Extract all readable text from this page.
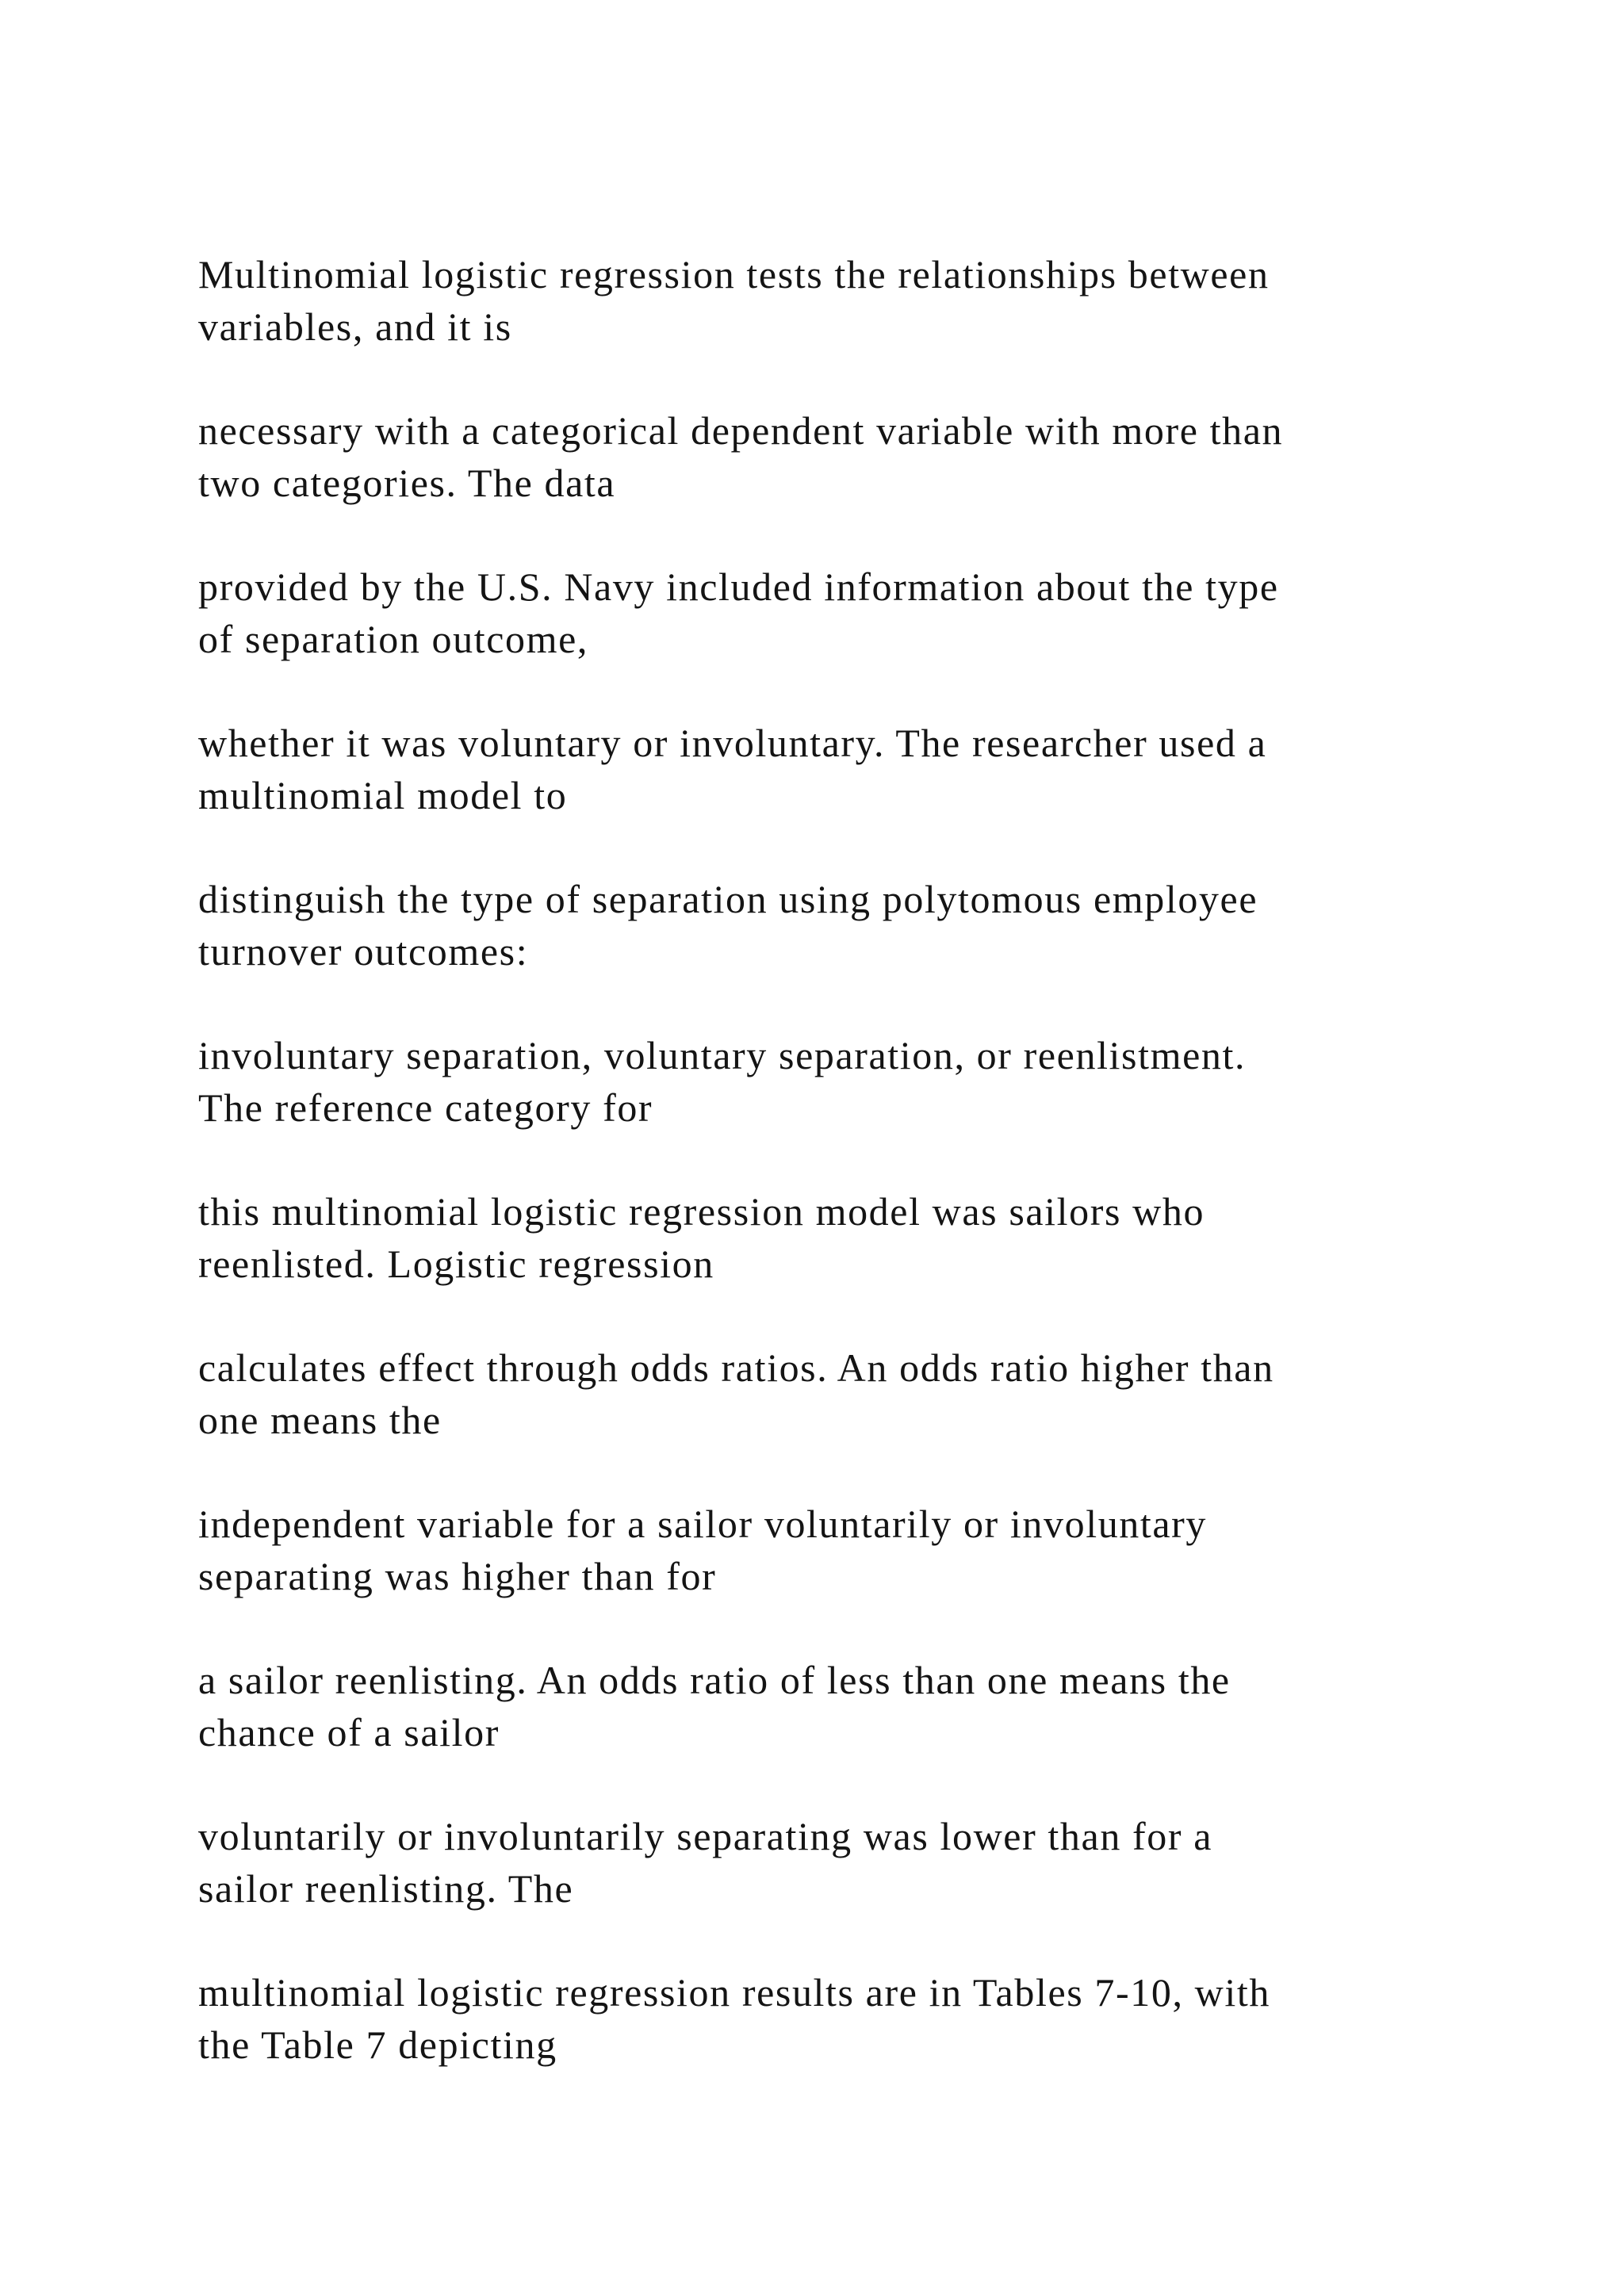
Multinomial logistic regression tests the relationships between
variables, and it is

necessary with a categorical dependent variable with more than
two categories. The data

provided by the U.S. Navy included information about the type
of separation outcome,

whether it was voluntary or involuntary. The researcher used a
multinomial model to

distinguish the type of separation using polytomous employee
turnover outcomes:

involuntary separation, voluntary separation, or reenlistment.
The reference category for

this multinomial logistic regression model was sailors who
reenlisted. Logistic regression

calculates effect through odds ratios. An odds ratio higher than
one means the

independent variable for a sailor voluntarily or involuntary
separating was higher than for

a sailor reenlisting. An odds ratio of less than one means the
chance of a sailor

voluntarily or involuntarily separating was lower than for a
sailor reenlisting. The

multinomial logistic regression results are in Tables 7-10, with
the Table 7 depicting
